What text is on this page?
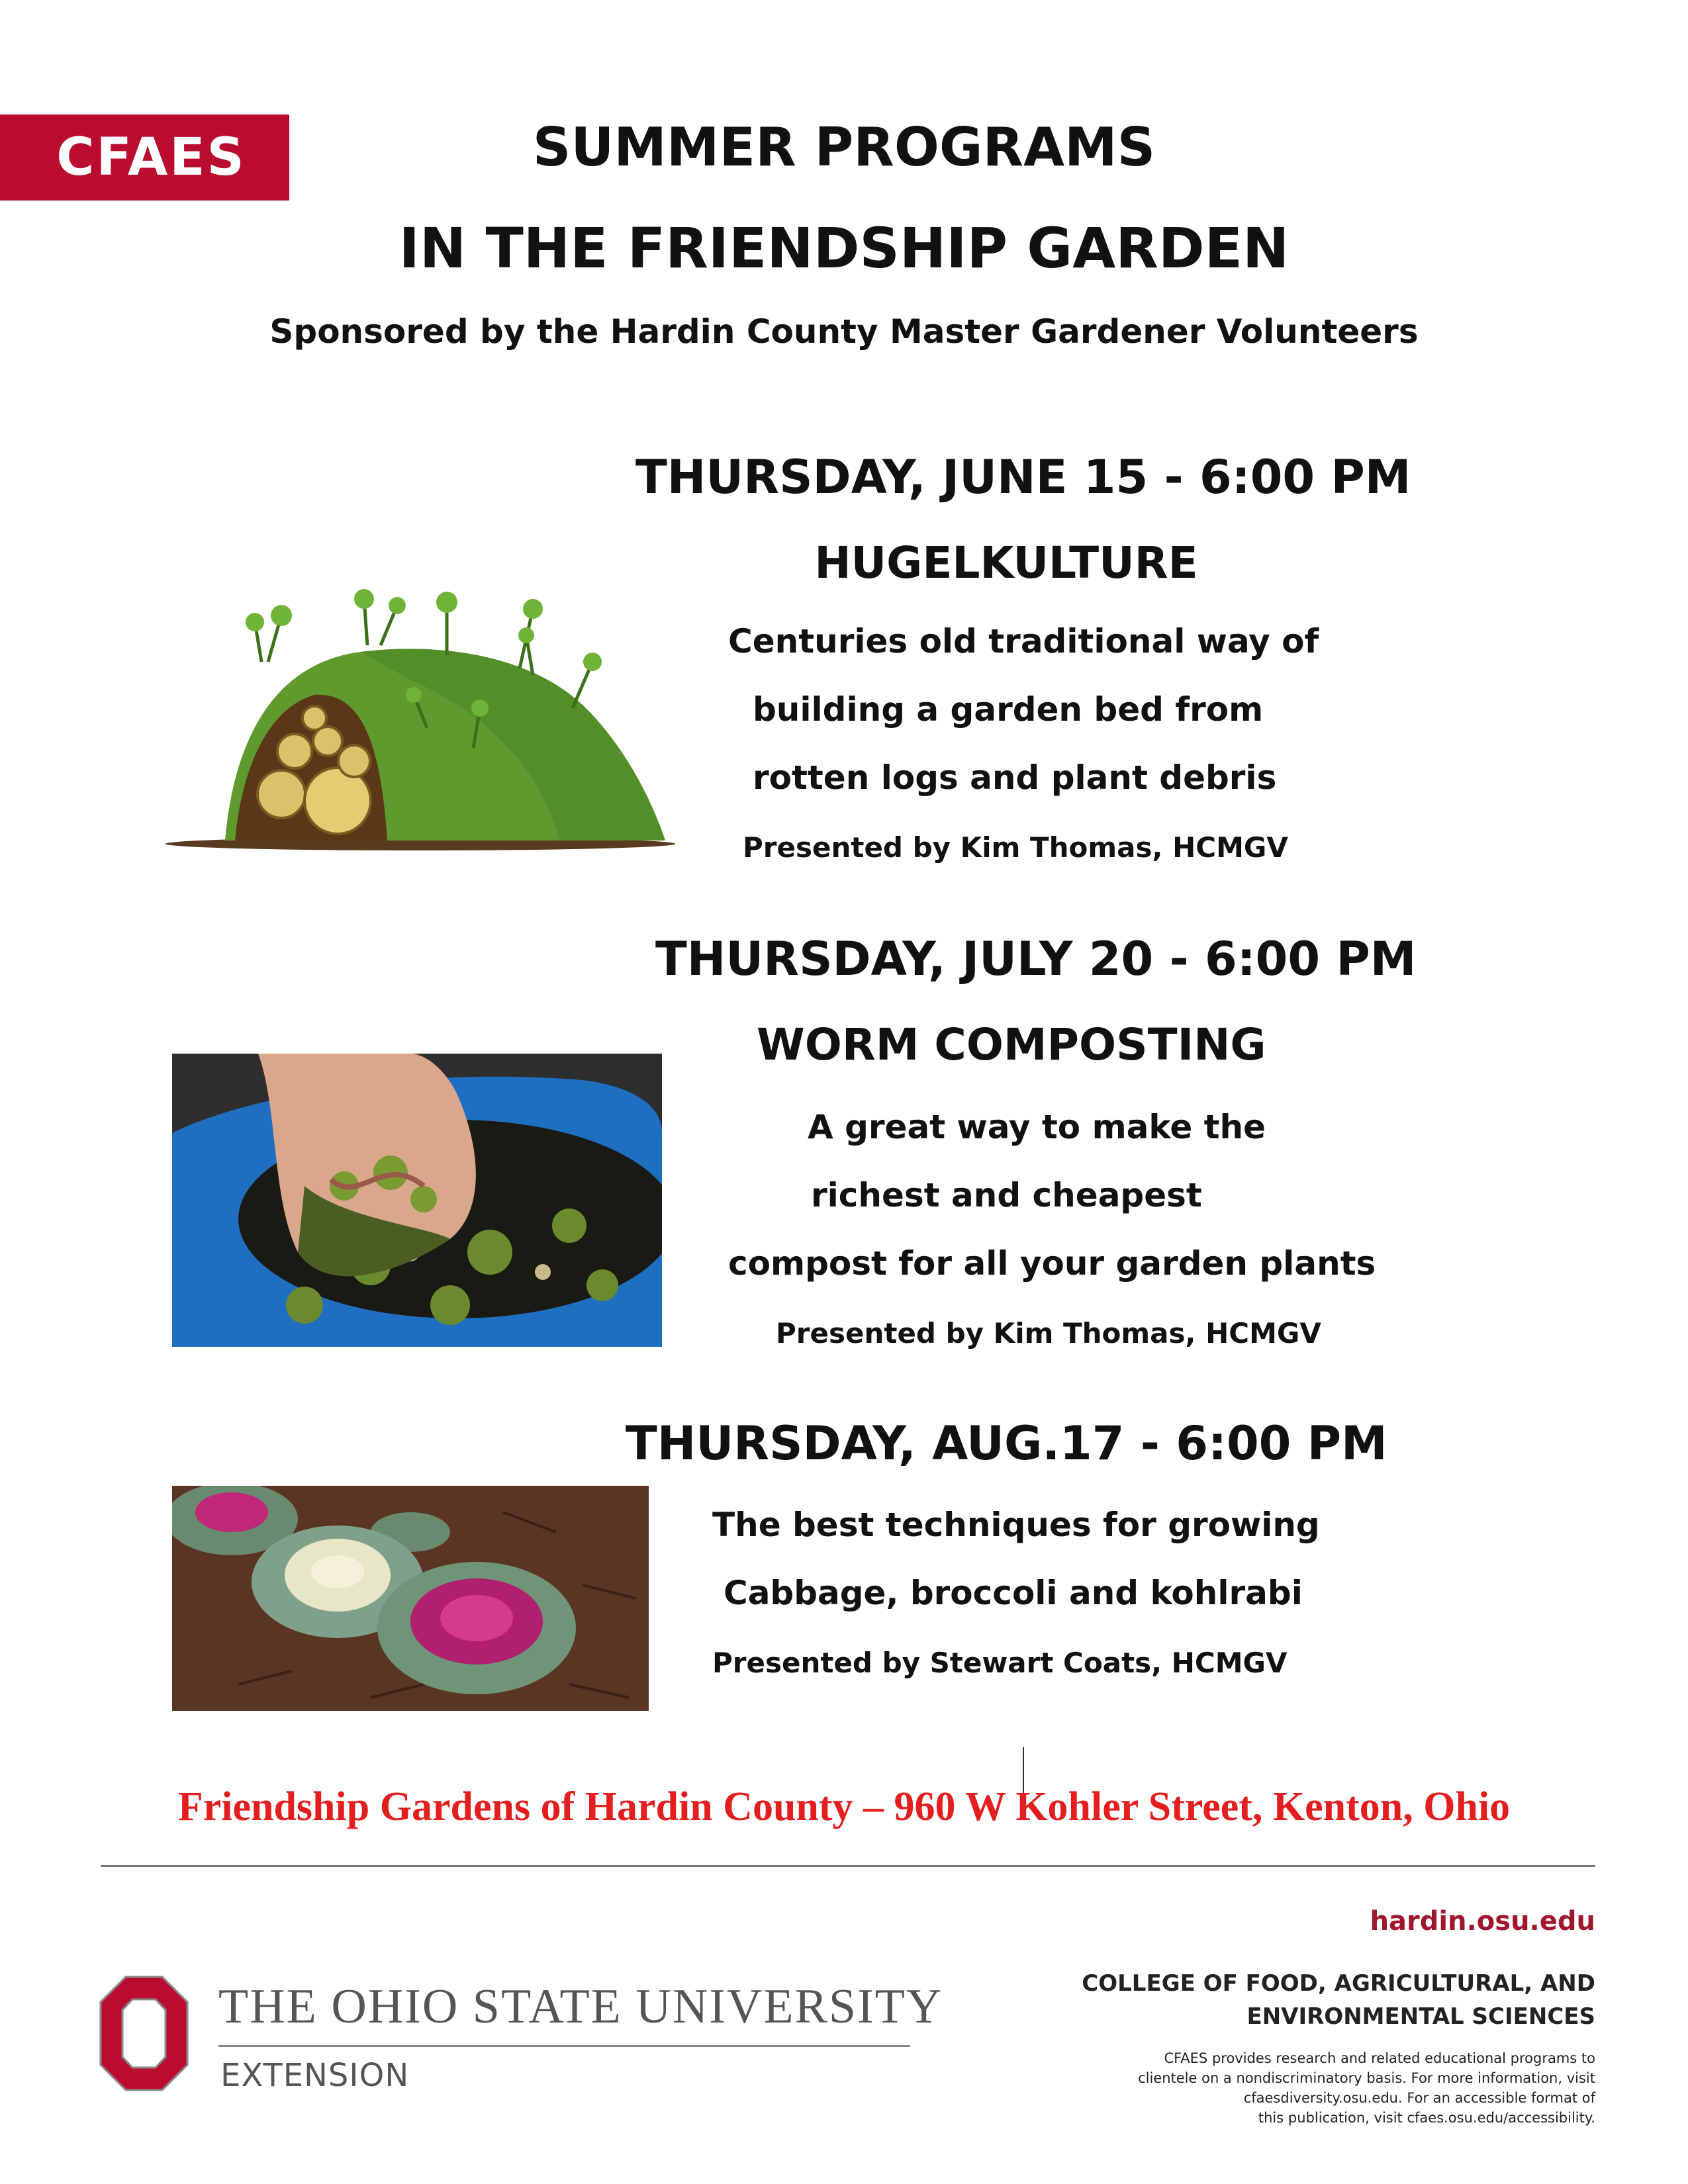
CFAES	SUMMER PROGRAMS
IN THE FRIENDSHIP GARDEN
Sponsored by the Hardin County Master Gardener Volunteers
THURSDAY, JUNE 15 - 6:00 PM
HUGELKULTURE
Centuries old traditional way of
building a garden bed from
rotten logs and plant debris
Presented by Kim Thomas, HCMGV
THURSDAY, JULY 20 - 6:00 PM
WORM COMPOSTING
A great way to make the
richest and cheapest
compost for all your garden plants
Presented by Kim Thomas, HCMGV
THURSDAY, AUG.17 - 6:00 PM
The best techniques for growing
Cabbage, broccoli and kohlrabi
Presented by Stewart Coats, HCMGV
Friendship Gardens of Hardin County – 960 W Kohler Street, Kenton, Ohio
hardin.osu.edu
COLLEGE OF FOOD, AGRICULTURAL, AND
ENVIRONMENTAL SCIENCES
CFAES provides research and related educational programs to
clientele on a nondiscriminatory basis. For more information, visit
cfaesdiversity.osu.edu. For an accessible format of
this publication, visit cfaes.osu.edu/accessibility.
THE OHIO STATE UNIVERSITY
EXTENSION
